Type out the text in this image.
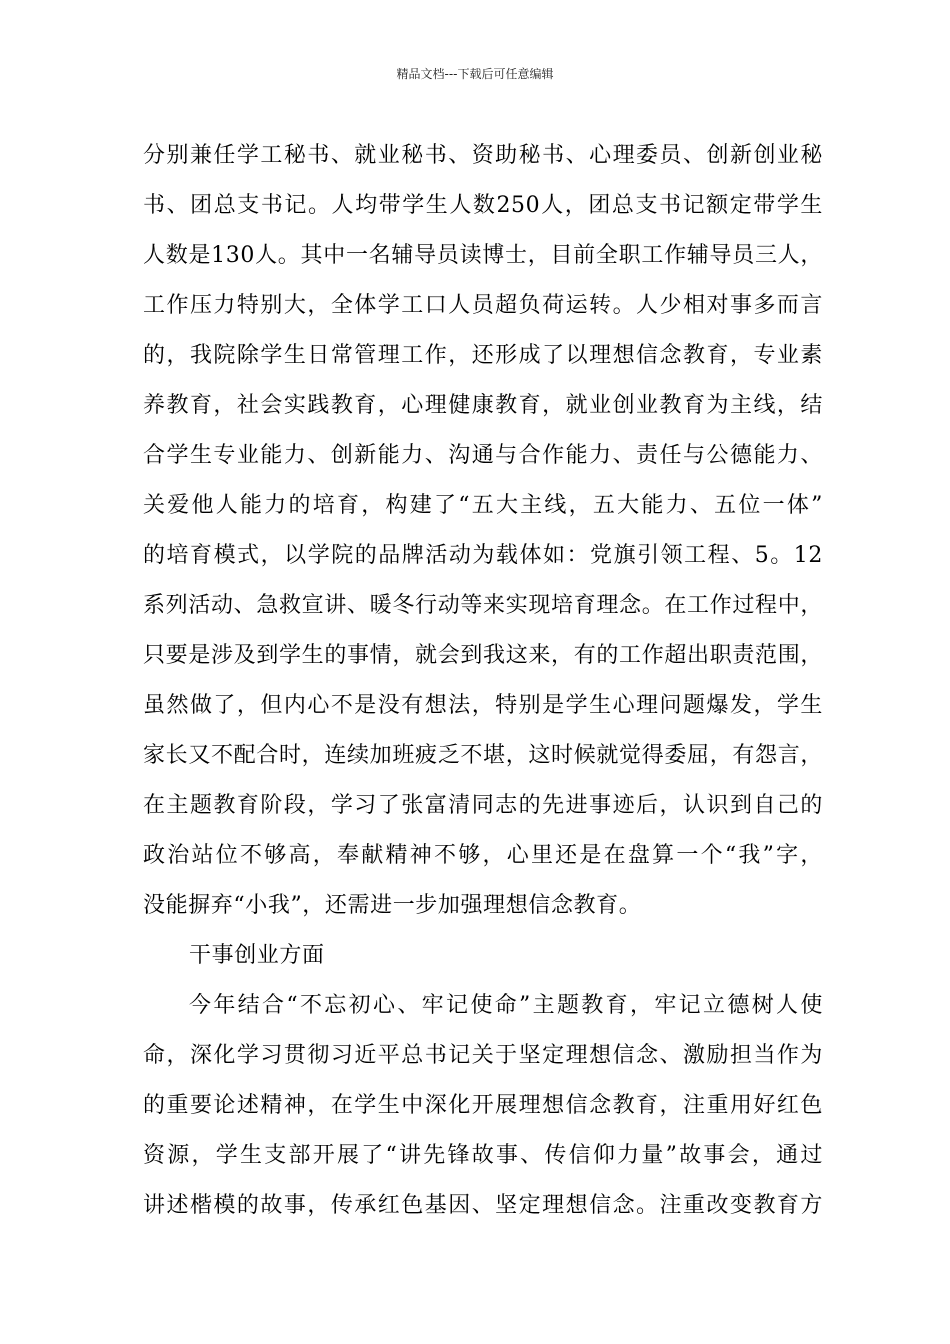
精品文档---下载后可任意编辑
分别兼任学工秘书、就业秘书、资助秘书、心理委员、创新创业秘
书、团总支书记。人均带学生人数250人，团总支书记额定带学生
人数是130人。其中一名辅导员读博士，目前全职工作辅导员三人，
工作压力特别大，全体学工口人员超负荷运转。人少相对事多而言
的，我院除学生日常管理工作，还形成了以理想信念教育，专业素
养教育，社会实践教育，心理健康教育，就业创业教育为主线，结
合学生专业能力、创新能力、沟通与合作能力、责任与公德能力、
关爱他人能力的培育，构建了“五大主线，五大能力、五位一体”
的培育模式，以学院的品牌活动为载体如：党旗引领工程、5。12
系列活动、急救宣讲、暖冬行动等来实现培育理念。在工作过程中，
只要是涉及到学生的事情，就会到我这来，有的工作超出职责范围，
虽然做了，但内心不是没有想法，特别是学生心理问题爆发，学生
家长又不配合时，连续加班疲乏不堪，这时候就觉得委屈，有怨言，
在主题教育阶段，学习了张富清同志的先进事迹后，认识到自己的
政治站位不够高，奉献精神不够，心里还是在盘算一个“我”字，
没能摒弃“小我”，还需进一步加强理想信念教育。
干事创业方面
今年结合“不忘初心、牢记使命”主题教育，牢记立德树人使
命，深化学习贯彻习近平总书记关于坚定理想信念、激励担当作为
的重要论述精神，在学生中深化开展理想信念教育，注重用好红色
资源，学生支部开展了“讲先锋故事、传信仰力量”故事会，通过
讲述楷模的故事，传承红色基因、坚定理想信念。注重改变教育方
